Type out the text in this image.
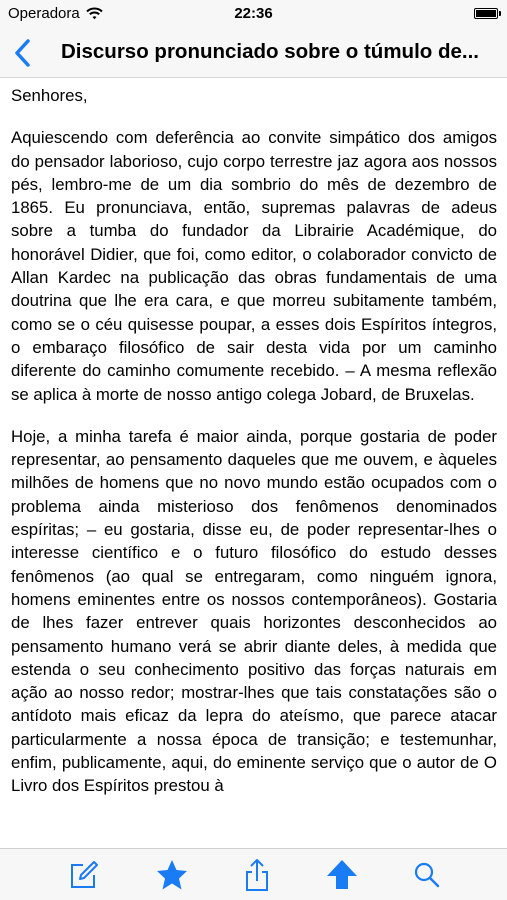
Operadora	22:36
Discurso pronunciado sobre o túmulo de...

Senhores,

Aquiescendo com deferência ao convite simpático dos amigos do pensador laborioso, cujo corpo terrestre jaz agora aos nossos pés, lembro-me de um dia sombrio do mês de dezembro de 1865. Eu pronunciava, então, supremas palavras de adeus sobre a tumba do fundador da Librairie Académique, do honorável Didier, que foi, como editor, o colaborador convicto de Allan Kardec na publicação das obras fundamentais de uma doutrina que lhe era cara, e que morreu subitamente também, como se o céu quisesse poupar, a esses dois Espíritos íntegros, o embaraço filosófico de sair desta vida por um caminho diferente do caminho comumente recebido. – A mesma reflexão se aplica à morte de nosso antigo colega Jobard, de Bruxelas.

Hoje, a minha tarefa é maior ainda, porque gostaria de poder representar, ao pensamento daqueles que me ouvem, e àqueles milhões de homens que no novo mundo estão ocupados com o problema ainda misterioso dos fenômenos denominados espíritas; – eu gostaria, disse eu, de poder representar-lhes o interesse científico e o futuro filosófico do estudo desses fenômenos (ao qual se entregaram, como ninguém ignora, homens eminentes entre os nossos contemporâneos). Gostaria de lhes fazer entrever quais horizontes desconhecidos ao pensamento humano verá se abrir diante deles, à medida que estenda o seu conhecimento positivo das forças naturais em ação ao nosso redor; mostrar-lhes que tais constatações são o antídoto mais eficaz da lepra do ateísmo, que parece atacar particularmente a nossa época de transição; e testemunhar, enfim, publicamente, aqui, do eminente serviço que o autor de O Livro dos Espíritos prestou à
